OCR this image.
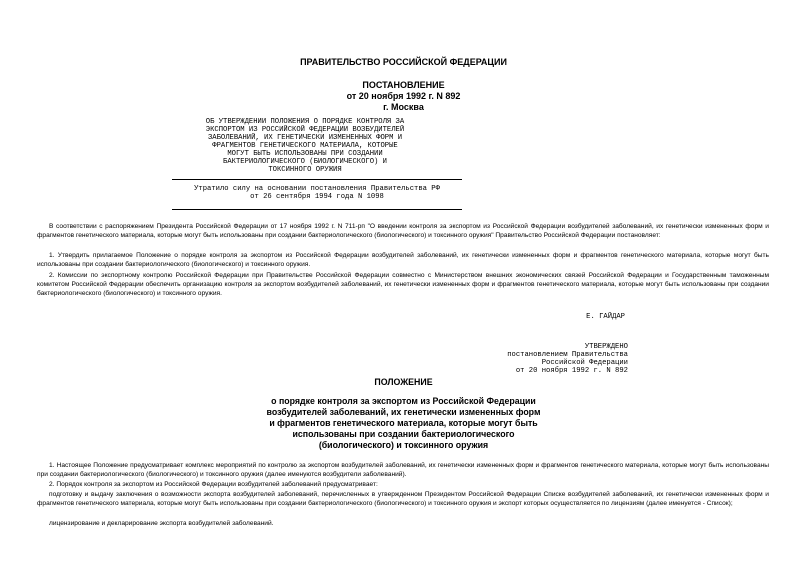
ПРАВИТЕЛЬСТВО РОССИЙСКОЙ ФЕДЕРАЦИИ
ПОСТАНОВЛЕНИЕ
от 20 ноября 1992 г. N 892
г. Москва
ОБ УТВЕРЖДЕНИИ ПОЛОЖЕНИЯ О ПОРЯДКЕ КОНТРОЛЯ ЗА
ЭКСПОРТОМ ИЗ РОССИЙСКОЙ ФЕДЕРАЦИИ ВОЗБУДИТЕЛЕЙ
ЗАБОЛЕВАНИЙ, ИХ ГЕНЕТИЧЕСКИ ИЗМЕНЕННЫХ ФОРМ И
ФРАГМЕНТОВ ГЕНЕТИЧЕСКОГО МАТЕРИАЛА, КОТОРЫЕ
МОГУТ БЫТЬ ИСПОЛЬЗОВАНЫ ПРИ СОЗДАНИИ
БАКТЕРИОЛОГИЧЕСКОГО (БИОЛОГИЧЕСКОГО) И
ТОКСИННОГО ОРУЖИЯ
Утратило силу на основании постановления Правительства РФ
от 26 сентября 1994 года N 1098

В соответствии с распоряжением Президента Российской Федерации от 17 ноября 1992 г. N 711-рп "О введении контроля за экспортом из Российской Федерации возбудителей заболеваний, их генетически измененных форм и фрагментов генетического материала, которые могут быть использованы при создании бактериологического (биологического) и токсинного оружия" Правительство Российской Федерации постановляет:

1. Утвердить прилагаемое Положение о порядке контроля за экспортом из Российской Федерации возбудителей заболеваний, их генетически измененных форм и фрагментов генетического материала, которые могут быть использованы при создании бактериологического (биологического) и токсинного оружия.

2. Комиссии по экспортному контролю Российской Федерации при Правительстве Российской Федерации совместно с Министерством внешних экономических связей Российской Федерации и Государственным таможенным комитетом Российской Федерации обеспечить организацию контроля за экспортом возбудителей заболеваний, их генетически измененных форм и фрагментов генетического материала, которые могут быть использованы при создании бактериологического (биологического) и токсинного оружия.

Е. ГАЙДАР
УТВЕРЖДЕНО
постановлением Правительства
Российской Федерации
от 20 ноября 1992 г. N 892
ПОЛОЖЕНИЕ
о порядке контроля за экспортом из Российской Федерации
возбудителей заболеваний, их генетически измененных форм
и фрагментов генетического материала, которые могут быть
использованы при создании бактериологического
(биологического) и токсинного оружия

1. Настоящее Положение предусматривает комплекс мероприятий по контролю за экспортом возбудителей заболеваний, их генетически измененных форм и фрагментов генетического материала, которые могут быть использованы при создании бактериологического (биологического) и токсинного оружия (далее именуются возбудители заболеваний).

2. Порядок контроля за экспортом из Российской Федерации возбудителей заболеваний предусматривает:

подготовку и выдачу заключения о возможности экспорта возбудителей заболеваний, перечисленных в утвержденном Президентом Российской Федерации Списке возбудителей заболеваний, их генетически измененных форм и фрагментов генетического материала, которые могут быть использованы при создании бактериологического (биологического) и токсинного оружия и экспорт которых осуществляется по лицензиям (далее именуется - Список);

лицензирование и декларирование экспорта возбудителей заболеваний.
